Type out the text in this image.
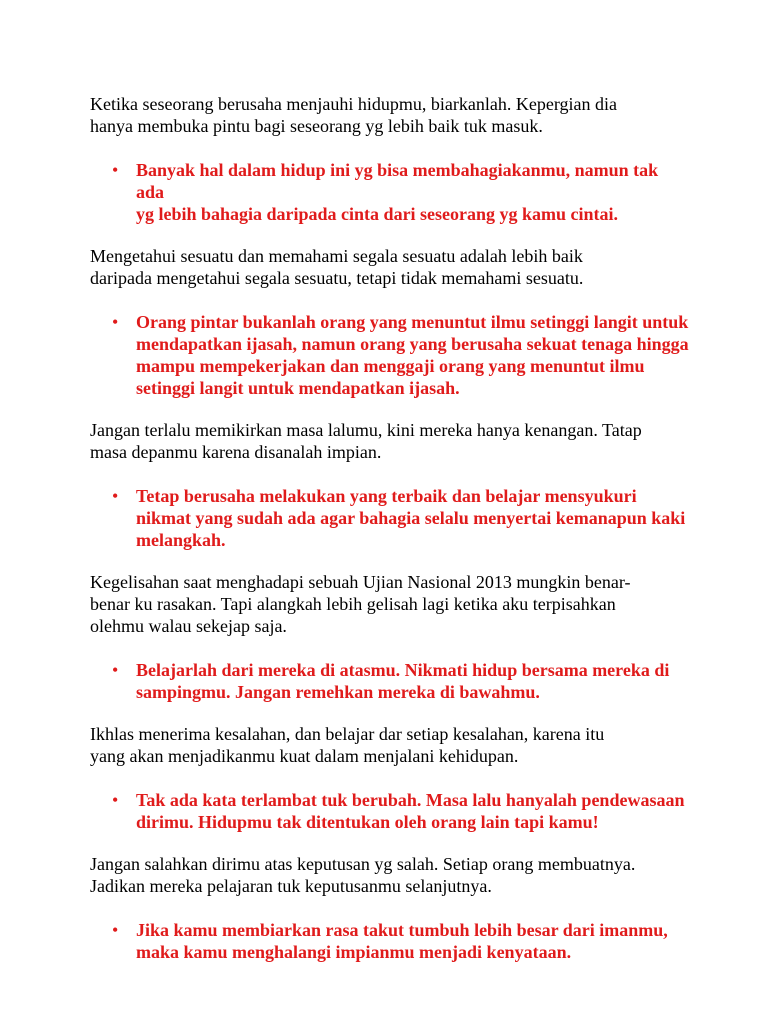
Ketika seseorang berusaha menjauhi hidupmu, biarkanlah. Kepergian dia
hanya membuka pintu bagi seseorang yg lebih baik tuk masuk.

• Banyak hal dalam hidup ini yg bisa membahagiakanmu, namun tak ada
yg lebih bahagia daripada cinta dari seseorang yg kamu cintai.

Mengetahui sesuatu dan memahami segala sesuatu adalah lebih baik
daripada mengetahui segala sesuatu, tetapi tidak memahami sesuatu.

• Orang pintar bukanlah orang yang menuntut ilmu setinggi langit untuk
mendapatkan ijasah, namun orang yang berusaha sekuat tenaga hingga
mampu mempekerjakan dan menggaji orang yang menuntut ilmu
setinggi langit untuk mendapatkan ijasah.

Jangan terlalu memikirkan masa lalumu, kini mereka hanya kenangan. Tatap
masa depanmu karena disanalah impian.

• Tetap berusaha melakukan yang terbaik dan belajar mensyukuri
nikmat yang sudah ada agar bahagia selalu menyertai kemanapun kaki
melangkah.

Kegelisahan saat menghadapi sebuah Ujian Nasional 2013 mungkin benar-
benar ku rasakan. Tapi alangkah lebih gelisah lagi ketika aku terpisahkan
olehmu walau sekejap saja.

• Belajarlah dari mereka di atasmu. Nikmati hidup bersama mereka di
sampingmu. Jangan remehkan mereka di bawahmu.

Ikhlas menerima kesalahan, dan belajar dar setiap kesalahan, karena itu
yang akan menjadikanmu kuat dalam menjalani kehidupan.

• Tak ada kata terlambat tuk berubah. Masa lalu hanyalah pendewasaan
dirimu. Hidupmu tak ditentukan oleh orang lain tapi kamu!

Jangan salahkan dirimu atas keputusan yg salah. Setiap orang membuatnya.
Jadikan mereka pelajaran tuk keputusanmu selanjutnya.

• Jika kamu membiarkan rasa takut tumbuh lebih besar dari imanmu,
maka kamu menghalangi impianmu menjadi kenyataan.
